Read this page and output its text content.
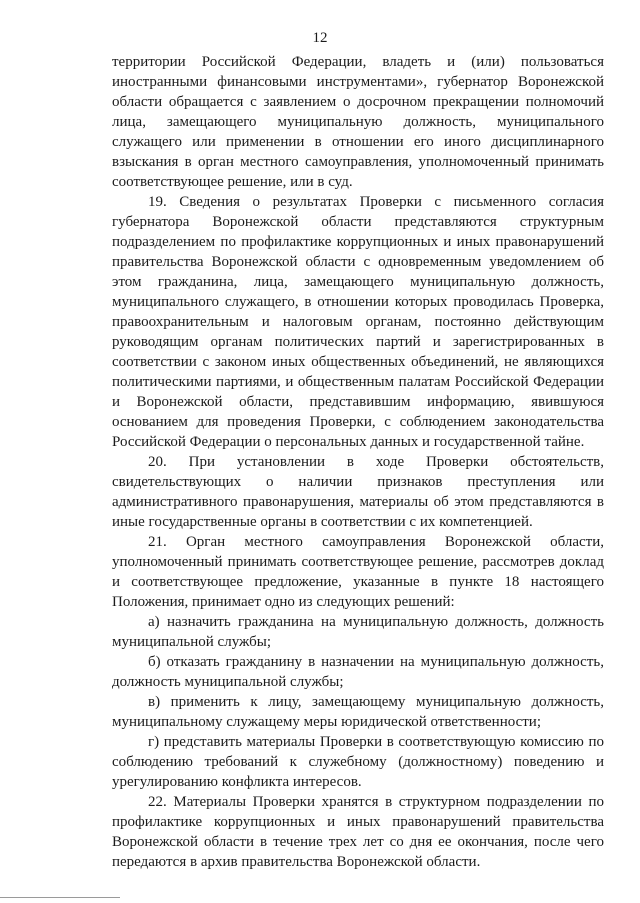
12

территории Российской Федерации, владеть и (или) пользоваться иностранными финансовыми инструментами», губернатор Воронежской области обращается с заявлением о досрочном прекращении полномочий лица, замещающего муниципальную должность, муниципального служащего или применении в отношении его иного дисциплинарного взыскания в орган местного самоуправления, уполномоченный принимать соответствующее решение, или в суд.

19. Сведения о результатах Проверки с письменного согласия губернатора Воронежской области представляются структурным подразделением по профилактике коррупционных и иных правонарушений правительства Воронежской области с одновременным уведомлением об этом гражданина, лица, замещающего муниципальную должность, муниципального служащего, в отношении которых проводилась Проверка, правоохранительным и налоговым органам, постоянно действующим руководящим органам политических партий и зарегистрированных в соответствии с законом иных общественных объединений, не являющихся политическими партиями, и общественным палатам Российской Федерации и Воронежской области, представившим информацию, явившуюся основанием для проведения Проверки, с соблюдением законодательства Российской Федерации о персональных данных и государственной тайне.

20. При установлении в ходе Проверки обстоятельств, свидетельствующих о наличии признаков преступления или административного правонарушения, материалы об этом представляются в иные государственные органы в соответствии с их компетенцией.

21. Орган местного самоуправления Воронежской области, уполномоченный принимать соответствующее решение, рассмотрев доклад и соответствующее предложение, указанные в пункте 18 настоящего Положения, принимает одно из следующих решений:

а) назначить гражданина на муниципальную должность, должность муниципальной службы;

б) отказать гражданину в назначении на муниципальную должность, должность муниципальной службы;

в) применить к лицу, замещающему муниципальную должность, муниципальному служащему меры юридической ответственности;

г) представить материалы Проверки в соответствующую комиссию по соблюдению требований к служебному (должностному) поведению и урегулированию конфликта интересов.

22. Материалы Проверки хранятся в структурном подразделении по профилактике коррупционных и иных правонарушений правительства Воронежской области в течение трех лет со дня ее окончания, после чего передаются в архив правительства Воронежской области.
